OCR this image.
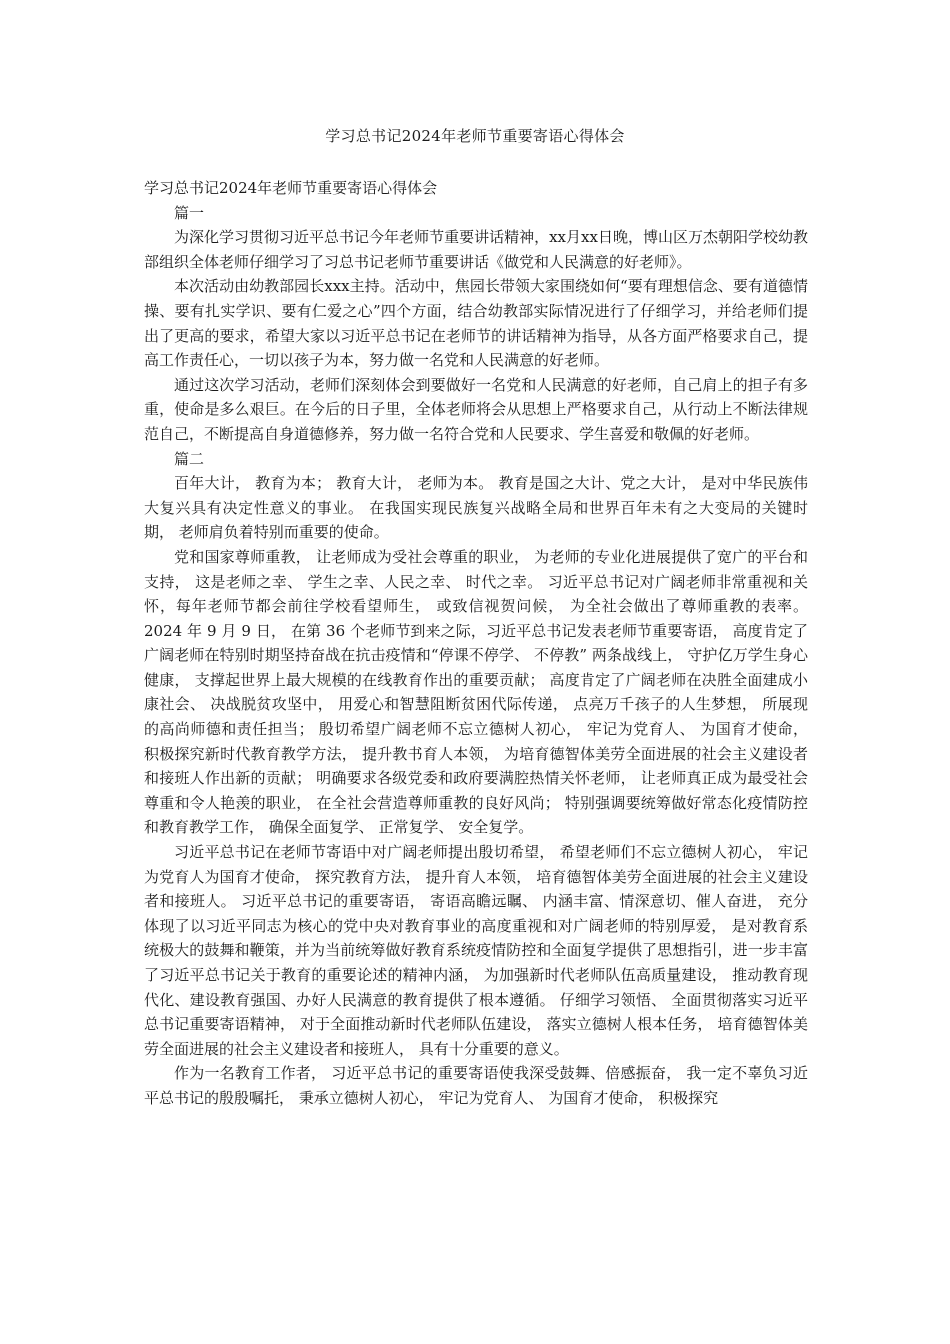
学习总书记2024年老师节重要寄语心得体会

学习总书记2024年老师节重要寄语心得体会

篇一

为深化学习贯彻习近平总书记今年老师节重要讲话精神，xx月xx日晚，博山区万杰朝阳学校幼教部组织全体老师仔细学习了习总书记老师节重要讲话《做党和人民满意的好老师》。

本次活动由幼教部园长xxx主持。活动中，焦园长带领大家围绕如何“要有理想信念、要有道德情操、要有扎实学识、要有仁爱之心”四个方面，结合幼教部实际情况进行了仔细学习，并给老师们提出了更高的要求，希望大家以习近平总书记在老师节的讲话精神为指导，从各方面严格要求自己，提高工作责任心，一切以孩子为本，努力做一名党和人民满意的好老师。

通过这次学习活动，老师们深刻体会到要做好一名党和人民满意的好老师，自己肩上的担子有多重，使命是多么艰巨。在今后的日子里，全体老师将会从思想上严格要求自己，从行动上不断法律规范自己，不断提高自身道德修养，努力做一名符合党和人民要求、学生喜爱和敬佩的好老师。

篇二

百年大计， 教育为本； 教育大计， 老师为本。 教育是国之大计、党之大计， 是对中华民族伟大复兴具有决定性意义的事业。 在我国实现民族复兴战略全局和世界百年未有之大变局的关键时期， 老师肩负着特别而重要的使命。

党和国家尊师重教， 让老师成为受社会尊重的职业， 为老师的专业化进展提供了宽广的平台和支持， 这是老师之幸、 学生之幸、人民之幸、 时代之幸。 习近平总书记对广阔老师非常重视和关怀，每年老师节都会前往学校看望师生， 或致信视贺问候， 为全社会做出了尊师重教的表率。 2024 年 9 月 9 日， 在第 36 个老师节到来之际，习近平总书记发表老师节重要寄语， 高度肯定了广阔老师在特别时期坚持奋战在抗击疫情和“停课不停学、 不停教” 两条战线上， 守护亿万学生身心健康， 支撑起世界上最大规模的在线教育作出的重要贡献； 高度肯定了广阔老师在决胜全面建成小康社会、 决战脱贫攻坚中， 用爱心和智慧阻断贫困代际传递， 点亮万千孩子的人生梦想， 所展现的高尚师德和责任担当； 殷切希望广阔老师不忘立德树人初心， 牢记为党育人、 为国育才使命， 积极探究新时代教育教学方法， 提升教书育人本领， 为培育德智体美劳全面进展的社会主义建设者和接班人作出新的贡献； 明确要求各级党委和政府要满腔热情关怀老师， 让老师真正成为最受社会尊重和令人艳羡的职业， 在全社会营造尊师重教的良好风尚； 特别强调要统筹做好常态化疫情防控和教育教学工作， 确保全面复学、 正常复学、 安全复学。

习近平总书记在老师节寄语中对广阔老师提出殷切希望， 希望老师们不忘立德树人初心， 牢记为党育人为国育才使命， 探究教育方法， 提升育人本领， 培育德智体美劳全面进展的社会主义建设者和接班人。 习近平总书记的重要寄语， 寄语高瞻远瞩、 内涵丰富、情深意切、催人奋进， 充分体现了以习近平同志为核心的党中央对教育事业的高度重视和对广阔老师的特别厚爱， 是对教育系统极大的鼓舞和鞭策，并为当前统筹做好教育系统疫情防控和全面复学提供了思想指引，进一步丰富了习近平总书记关于教育的重要论述的精神内涵， 为加强新时代老师队伍高质量建设， 推动教育现代化、建设教育强国、办好人民满意的教育提供了根本遵循。 仔细学习领悟、 全面贯彻落实习近平总书记重要寄语精神， 对于全面推动新时代老师队伍建设， 落实立德树人根本任务， 培育德智体美劳全面进展的社会主义建设者和接班人， 具有十分重要的意义。

作为一名教育工作者， 习近平总书记的重要寄语使我深受鼓舞、倍感振奋， 我一定不辜负习近平总书记的殷殷嘱托， 秉承立德树人初心， 牢记为党育人、 为国育才使命， 积极探究
